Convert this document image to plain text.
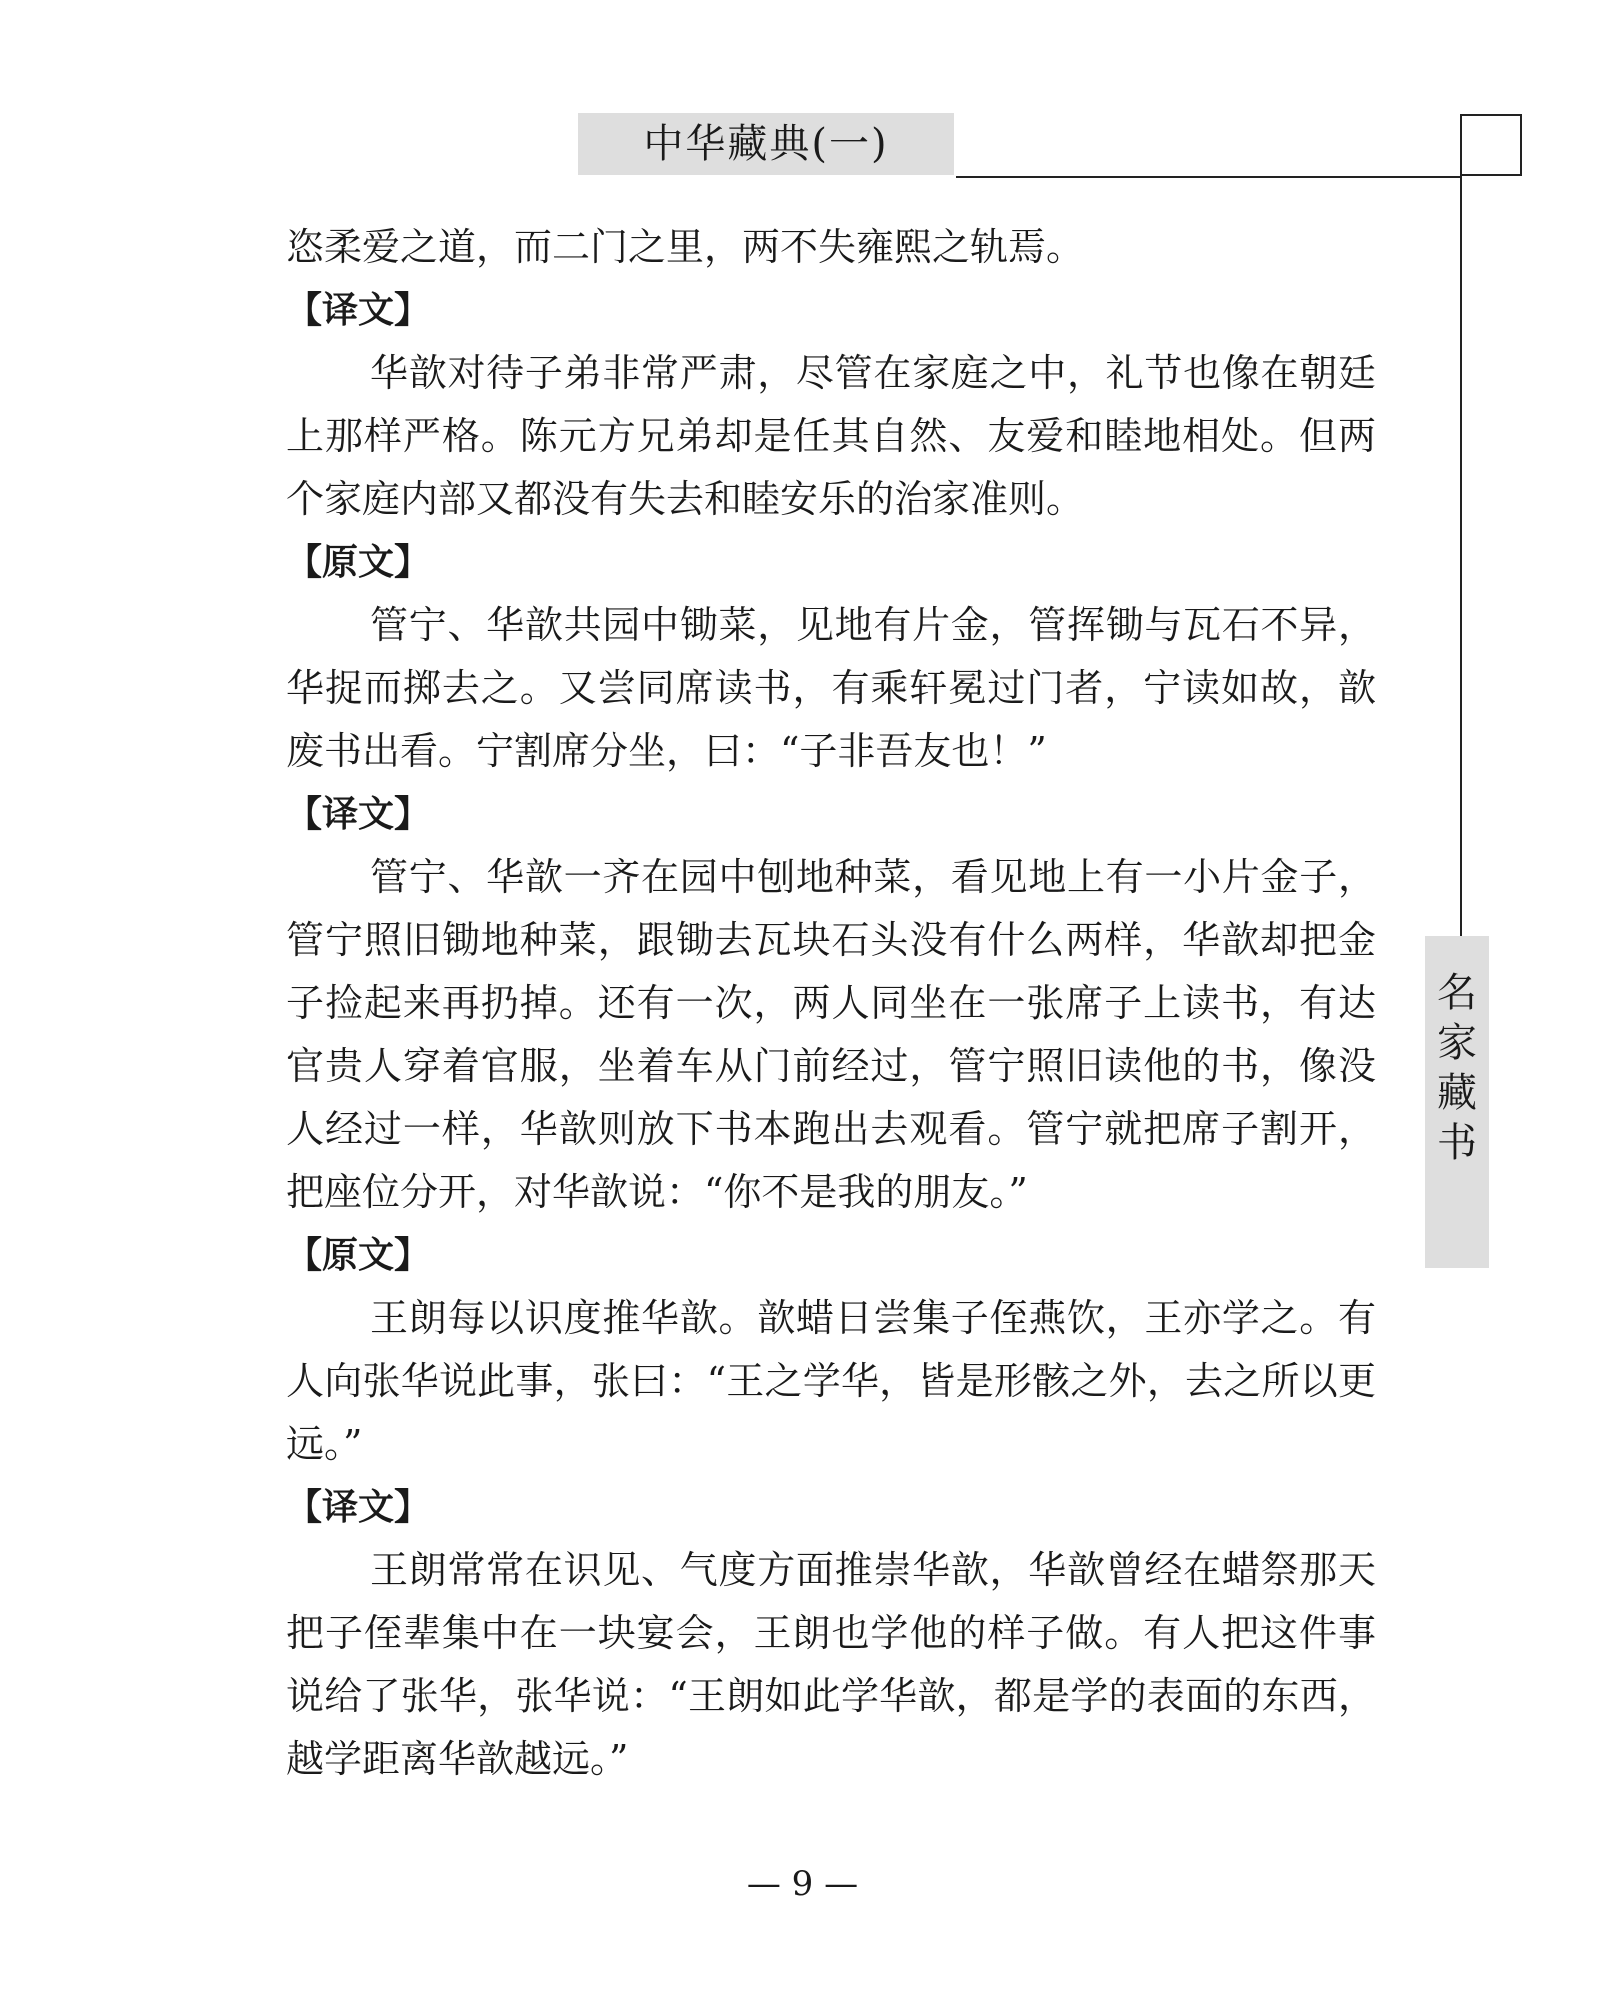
中华藏典(一)
名家藏书

恣柔爱之道，而二门之里，两不失雍熙之轨焉。

【译文】

华歆对待子弟非常严肃，尽管在家庭之中，礼节也像在朝廷上那样严格。陈元方兄弟却是任其自然、友爱和睦地相处。但两个家庭内部又都没有失去和睦安乐的治家准则。

【原文】

管宁、华歆共园中锄菜，见地有片金，管挥锄与瓦石不异，华捉而掷去之。又尝同席读书，有乘轩冕过门者，宁读如故，歆废书出看。宁割席分坐，曰：“子非吾友也！”

【译文】

管宁、华歆一齐在园中刨地种菜，看见地上有一小片金子，管宁照旧锄地种菜，跟锄去瓦块石头没有什么两样，华歆却把金子捡起来再扔掉。还有一次，两人同坐在一张席子上读书，有达官贵人穿着官服，坐着车从门前经过，管宁照旧读他的书，像没人经过一样，华歆则放下书本跑出去观看。管宁就把席子割开，把座位分开，对华歆说：“你不是我的朋友。”

【原文】

王朗每以识度推华歆。歆蜡日尝集子侄燕饮，王亦学之。有人向张华说此事，张曰：“王之学华，皆是形骸之外，去之所以更远。”

【译文】

王朗常常在识见、气度方面推崇华歆，华歆曾经在蜡祭那天把子侄辈集中在一块宴会，王朗也学他的样子做。有人把这件事说给了张华，张华说：“王朗如此学华歆，都是学的表面的东西，越学距离华歆越远。”

— 9 —
